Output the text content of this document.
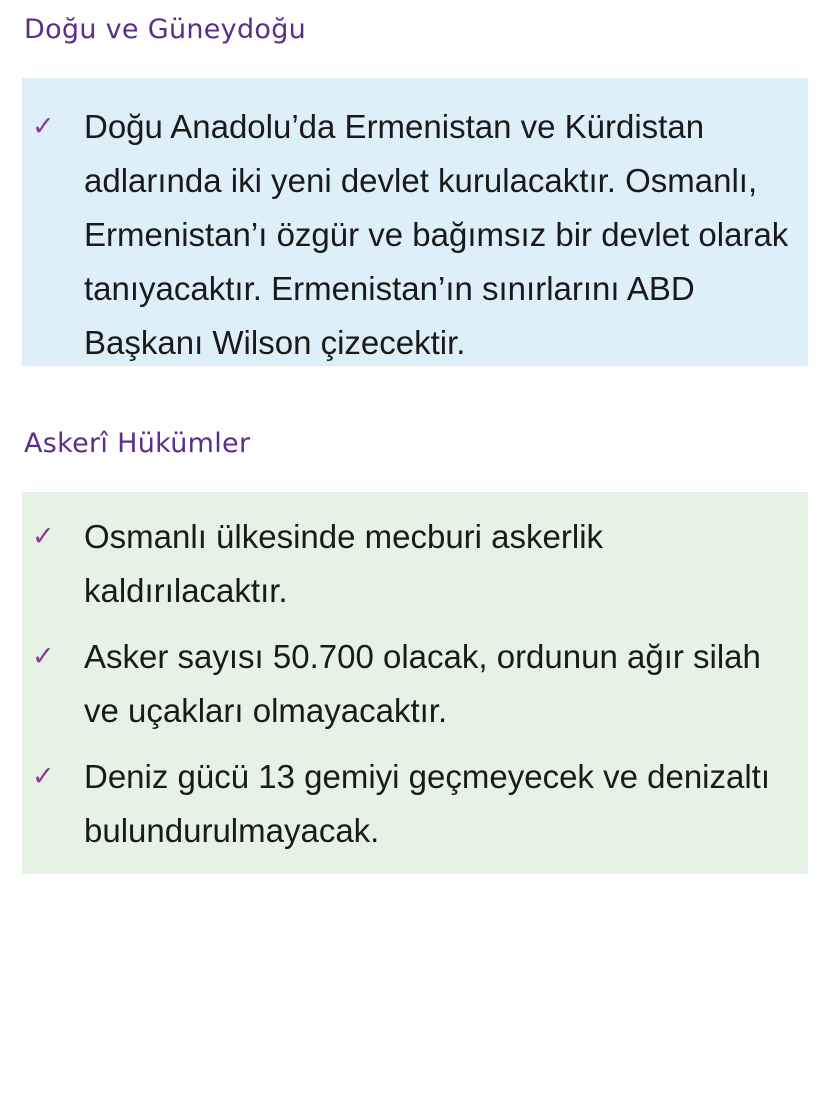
Doğu ve Güneydoğu
✓ Doğu Anadolu’da Ermenistan ve Kürdistan adlarında iki yeni devlet kurulacaktır. Osmanlı, Ermenistan’ı özgür ve bağımsız bir devlet olarak tanıyacaktır. Ermenistan’ın sınırlarını ABD Başkanı Wilson çizecektir.
Askerî Hükümler
✓ Osmanlı ülkesinde mecburi askerlik kaldırılacaktır.
✓ Asker sayısı 50.700 olacak, ordunun ağır silah ve uçakları olmayacaktır.
✓ Deniz gücü 13 gemiyi geçmeyecek ve denizaltı bulundurulmayacak.
